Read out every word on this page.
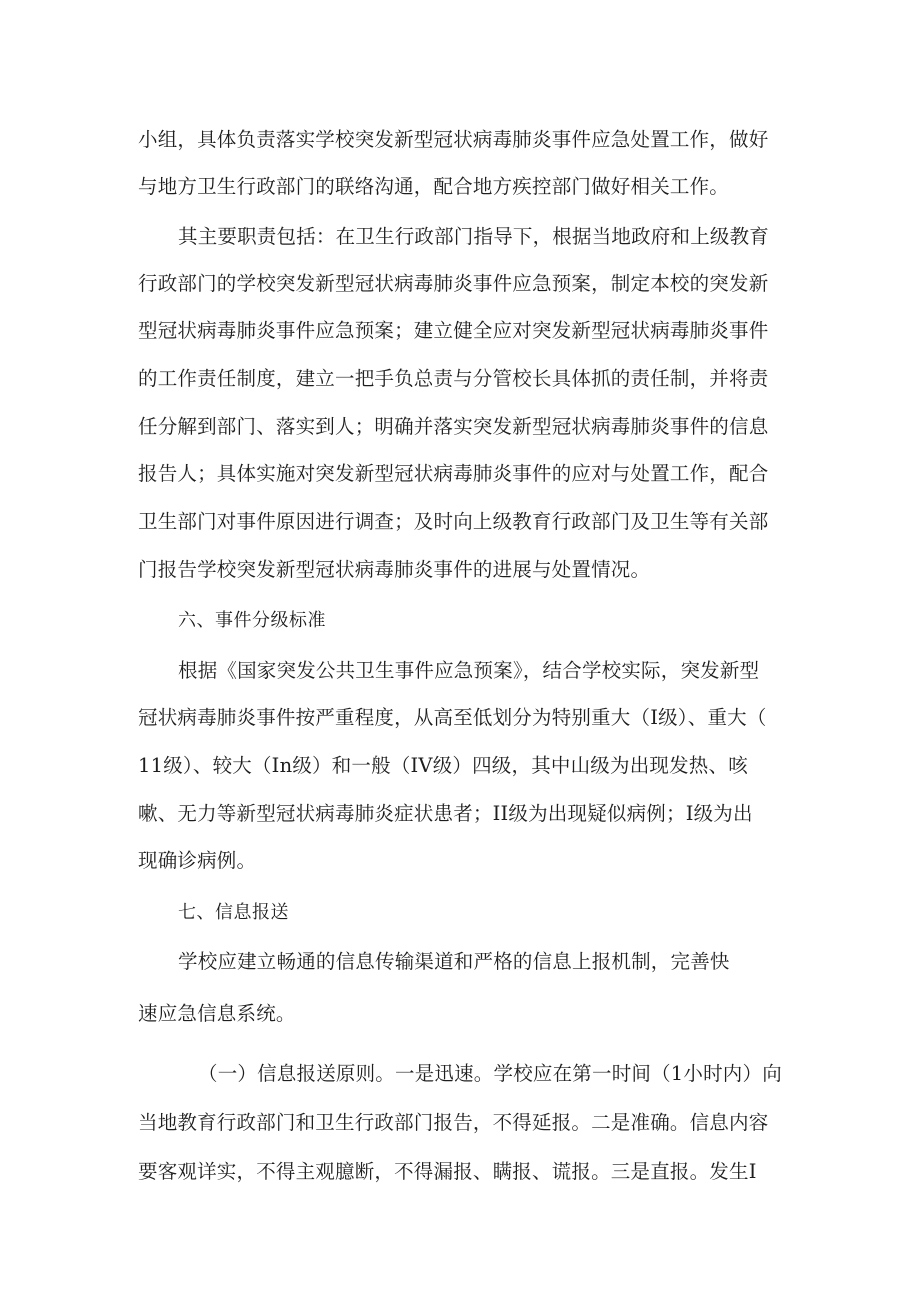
小组，具体负责落实学校突发新型冠状病毒肺炎事件应急处置工作，做好
与地方卫生行政部门的联络沟通，配合地方疾控部门做好相关工作。
其主要职责包括：在卫生行政部门指导下，根据当地政府和上级教育
行政部门的学校突发新型冠状病毒肺炎事件应急预案，制定本校的突发新
型冠状病毒肺炎事件应急预案；建立健全应对突发新型冠状病毒肺炎事件
的工作责任制度，建立一把手负总责与分管校长具体抓的责任制，并将责
任分解到部门、落实到人；明确并落实突发新型冠状病毒肺炎事件的信息
报告人；具体实施对突发新型冠状病毒肺炎事件的应对与处置工作，配合
卫生部门对事件原因进行调查；及时向上级教育行政部门及卫生等有关部
门报告学校突发新型冠状病毒肺炎事件的进展与处置情况。
六、事件分级标准
根据《国家突发公共卫生事件应急预案》，结合学校实际，突发新型
冠状病毒肺炎事件按严重程度，从高至低划分为特别重大（I级）、重大（
11级）、较大（In级）和一般（IV级）四级，其中山级为出现发热、咳
嗽、无力等新型冠状病毒肺炎症状患者；II级为出现疑似病例；I级为出
现确诊病例。
七、信息报送
学校应建立畅通的信息传输渠道和严格的信息上报机制，完善快
速应急信息系统。
（一）信息报送原则。一是迅速。学校应在第一时间（1小时内）向
当地教育行政部门和卫生行政部门报告，不得延报。二是准确。信息内容
要客观详实，不得主观臆断，不得漏报、瞒报、谎报。三是直报。发生I
